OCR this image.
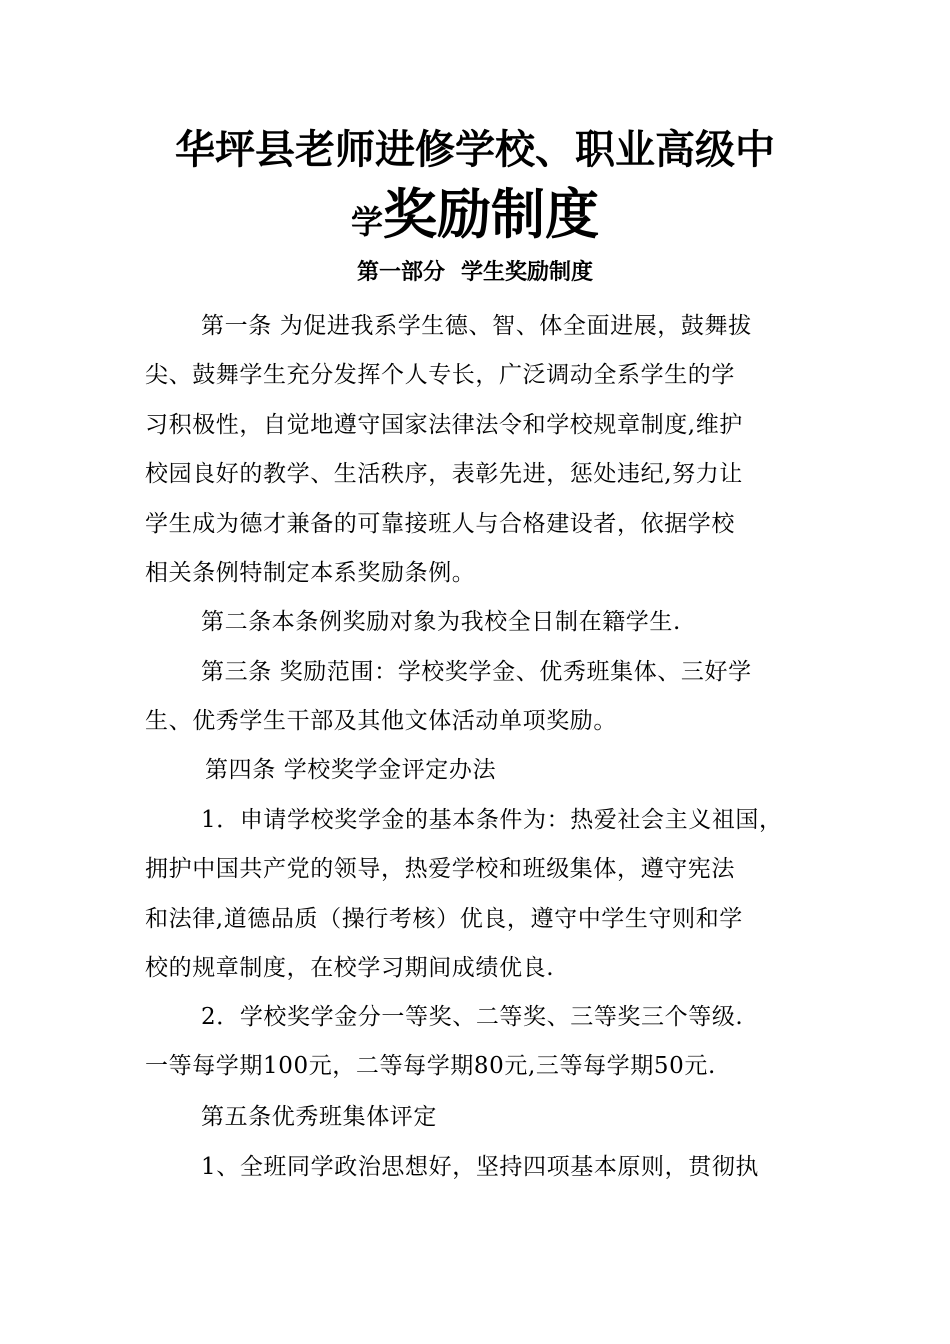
华坪县老师进修学校、职业高级中
学奖励制度
第一部分 学生奖励制度
第一条 为促进我系学生德、智、体全面进展，鼓舞拔
尖、鼓舞学生充分发挥个人专长，广泛调动全系学生的学
习积极性，自觉地遵守国家法律法令和学校规章制度,维护
校园良好的教学、生活秩序，表彰先进，惩处违纪,努力让
学生成为德才兼备的可靠接班人与合格建设者，依据学校
相关条例特制定本系奖励条例。
第二条本条例奖励对象为我校全日制在籍学生.
第三条 奖励范围：学校奖学金、优秀班集体、三好学
生、优秀学生干部及其他文体活动单项奖励。
第四条 学校奖学金评定办法
1．申请学校奖学金的基本条件为：热爱社会主义祖国，
拥护中国共产党的领导，热爱学校和班级集体，遵守宪法
和法律,道德品质（操行考核）优良，遵守中学生守则和学
校的规章制度，在校学习期间成绩优良.
2．学校奖学金分一等奖、二等奖、三等奖三个等级.
一等每学期100元，二等每学期80元,三等每学期50元.
第五条优秀班集体评定
1、全班同学政治思想好，坚持四项基本原则，贯彻执
